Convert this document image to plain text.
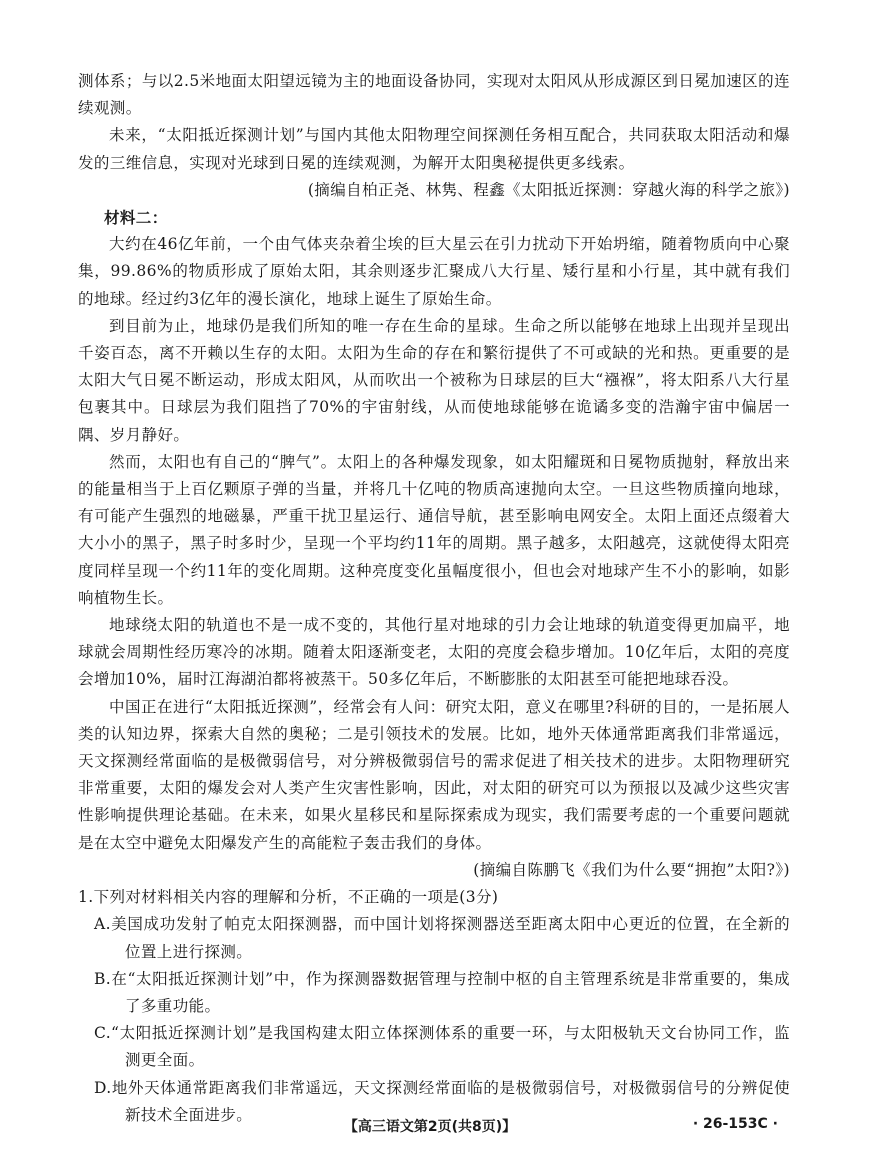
测体系；与以2.5米地面太阳望远镜为主的地面设备协同，实现对太阳风从形成源区到日冕加速区的连续观测。

未来，“太阳抵近探测计划”与国内其他太阳物理空间探测任务相互配合，共同获取太阳活动和爆发的三维信息，实现对光球到日冕的连续观测，为解开太阳奥秘提供更多线索。

(摘编自柏正尧、林隽、程鑫《太阳抵近探测：穿越火海的科学之旅》)

材料二：

大约在46亿年前，一个由气体夹杂着尘埃的巨大星云在引力扰动下开始坍缩，随着物质向中心聚集，99.86%的物质形成了原始太阳，其余则逐步汇聚成八大行星、矮行星和小行星，其中就有我们的地球。经过约3亿年的漫长演化，地球上诞生了原始生命。

到目前为止，地球仍是我们所知的唯一存在生命的星球。生命之所以能够在地球上出现并呈现出千姿百态，离不开赖以生存的太阳。太阳为生命的存在和繁衍提供了不可或缺的光和热。更重要的是太阳大气日冕不断运动，形成太阳风，从而吹出一个被称为日球层的巨大“襁褓”，将太阳系八大行星包裹其中。日球层为我们阻挡了70%的宇宙射线，从而使地球能够在诡谲多变的浩瀚宇宙中偏居一隅、岁月静好。

然而，太阳也有自己的“脾气”。太阳上的各种爆发现象，如太阳耀斑和日冕物质抛射，释放出来的能量相当于上百亿颗原子弹的当量，并将几十亿吨的物质高速抛向太空。一旦这些物质撞向地球，有可能产生强烈的地磁暴，严重干扰卫星运行、通信导航，甚至影响电网安全。太阳上面还点缀着大大小小的黑子，黑子时多时少，呈现一个平均约11年的周期。黑子越多，太阳越亮，这就使得太阳亮度同样呈现一个约11年的变化周期。这种亮度变化虽幅度很小，但也会对地球产生不小的影响，如影响植物生长。

地球绕太阳的轨道也不是一成不变的，其他行星对地球的引力会让地球的轨道变得更加扁平，地球就会周期性经历寒冷的冰期。随着太阳逐渐变老，太阳的亮度会稳步增加。10亿年后，太阳的亮度会增加10%，届时江海湖泊都将被蒸干。50多亿年后，不断膨胀的太阳甚至可能把地球吞没。

中国正在进行“太阳抵近探测”，经常会有人问：研究太阳，意义在哪里?科研的目的，一是拓展人类的认知边界，探索大自然的奥秘；二是引领技术的发展。比如，地外天体通常距离我们非常遥远，天文探测经常面临的是极微弱信号，对分辨极微弱信号的需求促进了相关技术的进步。太阳物理研究非常重要，太阳的爆发会对人类产生灾害性影响，因此，对太阳的研究可以为预报以及减少这些灾害性影响提供理论基础。在未来，如果火星移民和星际探索成为现实，我们需要考虑的一个重要问题就是在太空中避免太阳爆发产生的高能粒子轰击我们的身体。

(摘编自陈鹏飞《我们为什么要“拥抱”太阳?》)

1.下列对材料相关内容的理解和分析，不正确的一项是(3分)

A.美国成功发射了帕克太阳探测器，而中国计划将探测器送至距离太阳中心更近的位置，在全新的位置上进行探测。

B.在“太阳抵近探测计划”中，作为探测器数据管理与控制中枢的自主管理系统是非常重要的，集成了多重功能。

C.“太阳抵近探测计划”是我国构建太阳立体探测体系的重要一环，与太阳极轨天文台协同工作，监测更全面。

D.地外天体通常距离我们非常遥远，天文探测经常面临的是极微弱信号，对极微弱信号的分辨促使新技术全面进步。

【高三语文第2页(共8页)】	· 26-153C ·
